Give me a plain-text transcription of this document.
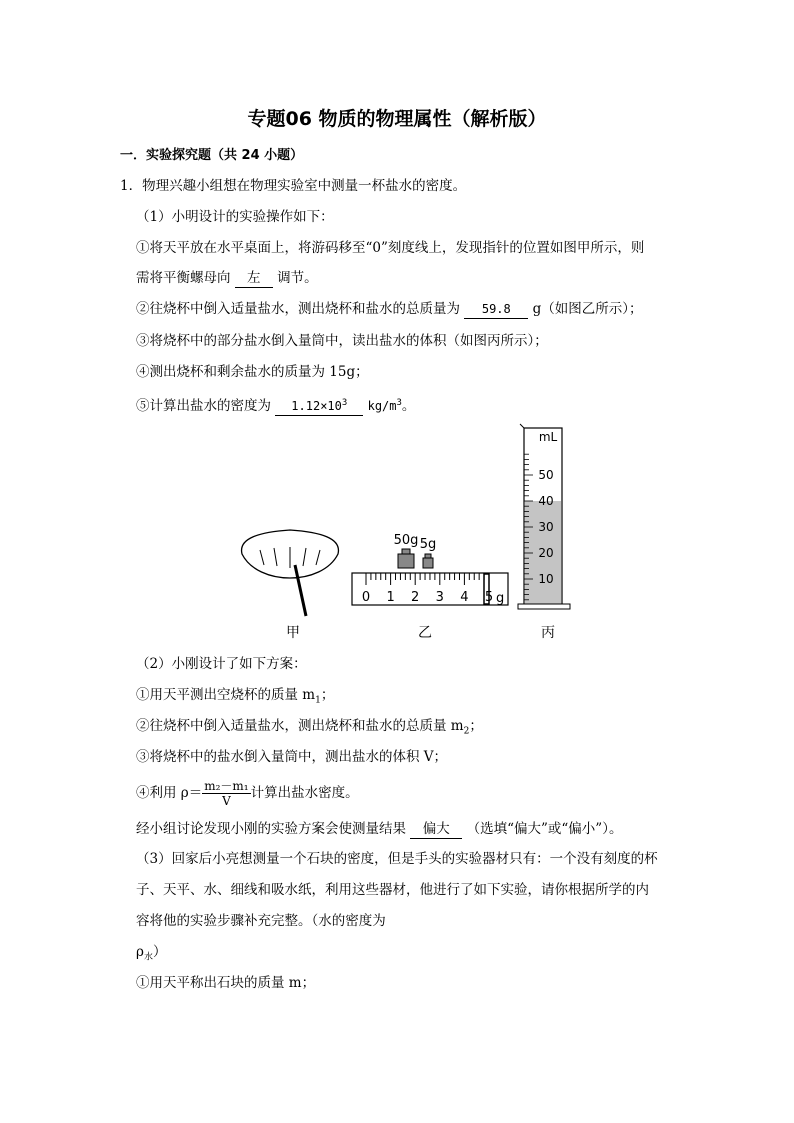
专题06 物质的物理属性（解析版）
一．实验探究题（共 24 小题）
1．物理兴趣小组想在物理实验室中测量一杯盐水的密度。
（1）小明设计的实验操作如下：
①将天平放在水平桌面上，将游码移至“0”刻度线上，发现指针的位置如图甲所示，则
需将平衡螺母向 左 调节。
②往烧杯中倒入适量盐水，测出烧杯和盐水的总质量为 59.8 g（如图乙所示）；
③将烧杯中的部分盐水倒入量筒中，读出盐水的体积（如图丙所示）；
④测出烧杯和剩余盐水的质量为 15g；
⑤计算出盐水的密度为 $1.12\times 10^3$ $kg/m^3$。
50g 5g
0 1 2 3 4 5 g
50
40
30
20
10
mL
甲	乙	丙
（2）小刚设计了如下方案：
①用天平测出空烧杯的质量 $m_1$；
②往烧杯中倒入适量盐水，测出烧杯和盐水的总质量 $m_2$；
③将烧杯中的盐水倒入量筒中，测出盐水的体积 V；
④利用 $\rho= \frac{\text{m₂－m₁}}{V}$ 计算出盐水密度。
经小组讨论发现小刚的实验方案会使测量结果 偏大 （选填“偏大”或“偏小”）。
（3）回家后小亮想测量一个石块的密度，但是手头的实验器材只有：一个没有刻度的杯
子、天平、水、细线和吸水纸，利用这些器材，他进行了如下实验，请你根据所学的内
容将他的实验步骤补充完整。（水的密度为
$\rho_水$）
①用天平称出石块的质量 m；
